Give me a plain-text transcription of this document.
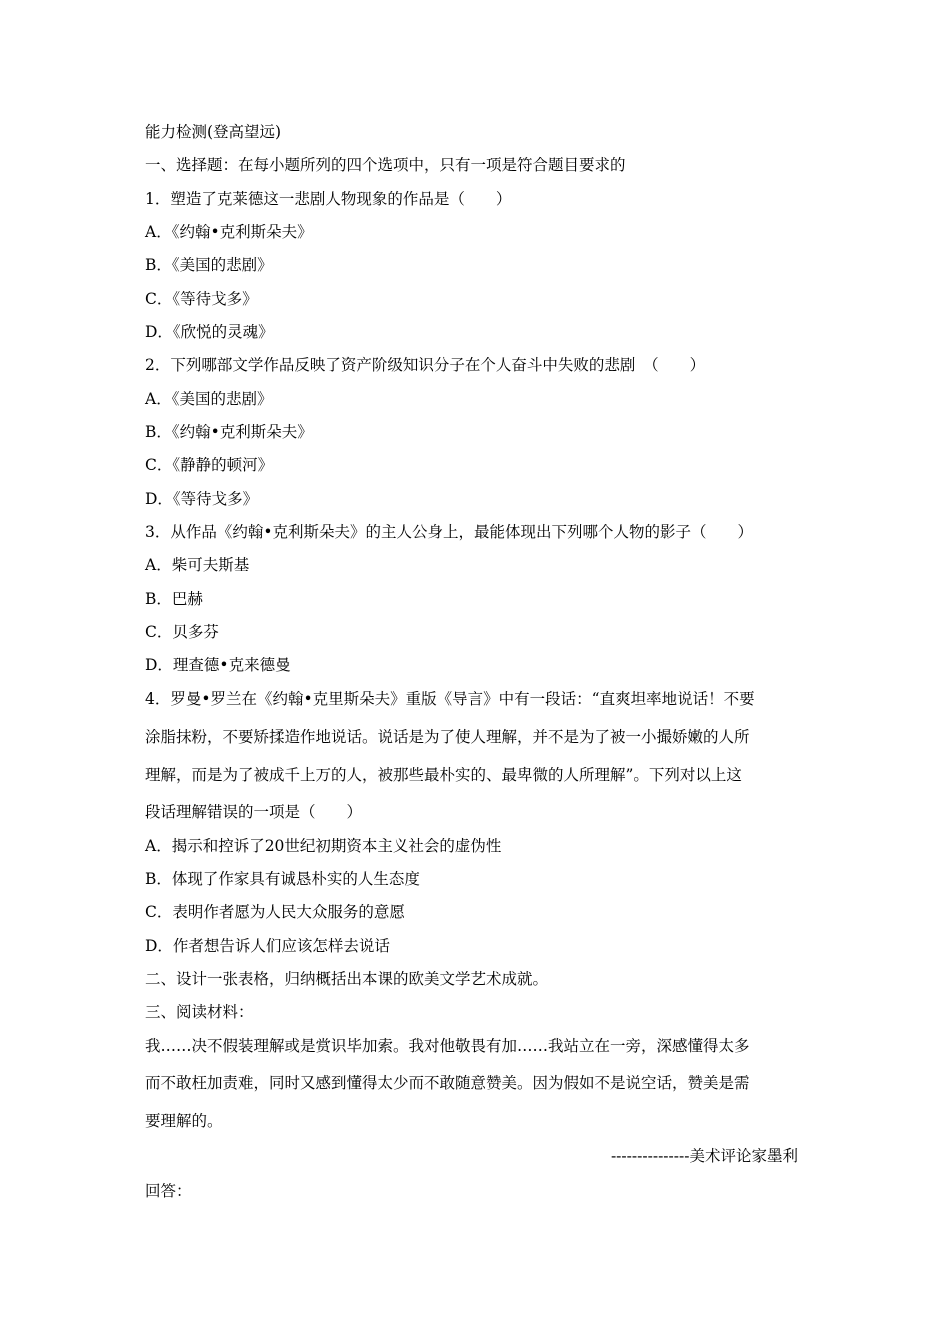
能力检测(登高望远)
一、选择题：在每小题所列的四个选项中，只有一项是符合题目要求的
1．塑造了克莱德这一悲剧人物现象的作品是（　　）
A．《约翰•克利斯朵夫》
B．《美国的悲剧》
C．《等待戈多》
D．《欣悦的灵魂》
2．下列哪部文学作品反映了资产阶级知识分子在个人奋斗中失败的悲剧　（　　）
A．《美国的悲剧》
B．《约翰•克利斯朵夫》
C．《静静的顿河》
D．《等待戈多》
3．从作品《约翰•克利斯朵夫》的主人公身上，最能体现出下列哪个人物的影子（　　）
A．柴可夫斯基
B．巴赫
C．贝多芬
D．理查德•克来德曼
4．罗曼•罗兰在《约翰•克里斯朵夫》重版《导言》中有一段话：“直爽坦率地说话！不要
涂脂抹粉，不要矫揉造作地说话。说话是为了使人理解，并不是为了被一小撮娇嫩的人所
理解，而是为了被成千上万的人，被那些最朴实的、最卑微的人所理解”。下列对以上这
段话理解错误的一项是（　　）
A．揭示和控诉了20世纪初期资本主义社会的虚伪性
B．体现了作家具有诚恳朴实的人生态度
C．表明作者愿为人民大众服务的意愿
D．作者想告诉人们应该怎样去说话
二、设计一张表格，归纳概括出本课的欧美文学艺术成就。
三、阅读材料：
我……决不假装理解或是赏识毕加索。我对他敬畏有加……我站立在一旁，深感懂得太多
而不敢枉加责难，同时又感到懂得太少而不敢随意赞美。因为假如不是说空话，赞美是需
要理解的。
---------------美术评论家墨利
回答：
